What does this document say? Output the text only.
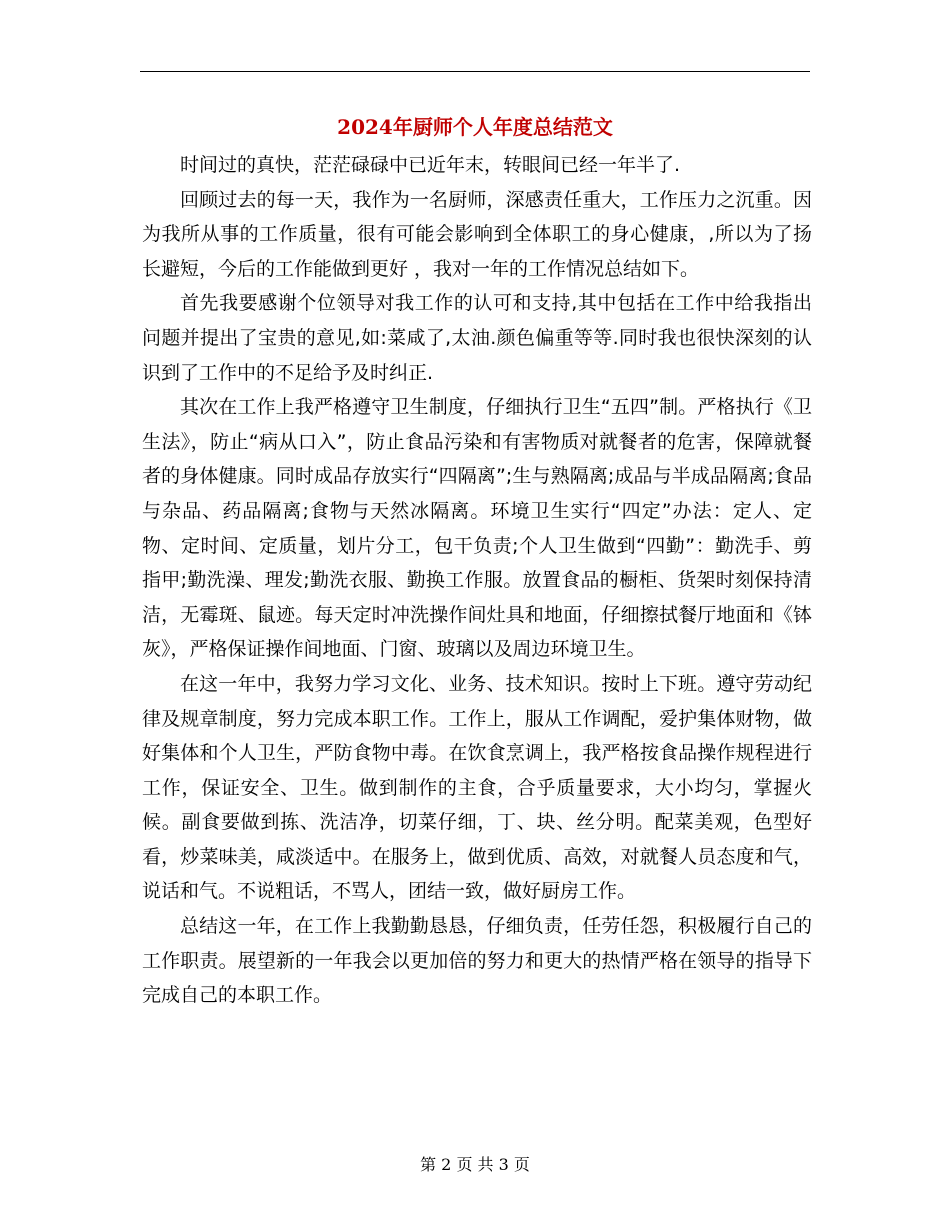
2024年厨师个人年度总结范文

时间过的真快，茫茫碌碌中已近年末，转眼间已经一年半了.

回顾过去的每一天，我作为一名厨师，深感责任重大，工作压力之沉重。因为我所从事的工作质量，很有可能会影响到全体职工的身心健康，,所以为了扬长避短，今后的工作能做到更好 ，我对一年的工作情况总结如下。

首先我要感谢个位领导对我工作的认可和支持,其中包括在工作中给我指出问题并提出了宝贵的意见,如:菜咸了,太油.颜色偏重等等.同时我也很快深刻的认识到了工作中的不足给予及时纠正.

其次在工作上我严格遵守卫生制度，仔细执行卫生“五四”制。严格执行《卫生法》，防止“病从口入”，防止食品污染和有害物质对就餐者的危害，保障就餐者的身体健康。同时成品存放实行“四隔离”;生与熟隔离;成品与半成品隔离;食品与杂品、药品隔离;食物与天然冰隔离。环境卫生实行“四定”办法：定人、定物、定时间、定质量，划片分工，包干负责;个人卫生做到“四勤”：勤洗手、剪指甲;勤洗澡、理发;勤洗衣服、勤换工作服。放置食品的橱柜、货架时刻保持清洁，无霉斑、鼠迹。每天定时冲洗操作间灶具和地面，仔细擦拭餐厅地面和《钵灰》，严格保证操作间地面、门窗、玻璃以及周边环境卫生。

在这一年中，我努力学习文化、业务、技术知识。按时上下班。遵守劳动纪律及规章制度，努力完成本职工作。工作上，服从工作调配，爱护集体财物，做好集体和个人卫生，严防食物中毒。在饮食烹调上，我严格按食品操作规程进行工作，保证安全、卫生。做到制作的主食，合乎质量要求，大小均匀，掌握火候。副食要做到拣、洗洁净，切菜仔细，丁、块、丝分明。配菜美观，色型好看，炒菜味美，咸淡适中。在服务上，做到优质、高效，对就餐人员态度和气，说话和气。不说粗话，不骂人，团结一致，做好厨房工作。

总结这一年，在工作上我勤勤恳恳，仔细负责，任劳任怨，积极履行自己的工作职责。展望新的一年我会以更加倍的努力和更大的热情严格在领导的指导下完成自己的本职工作。

第 2 页 共 3 页
